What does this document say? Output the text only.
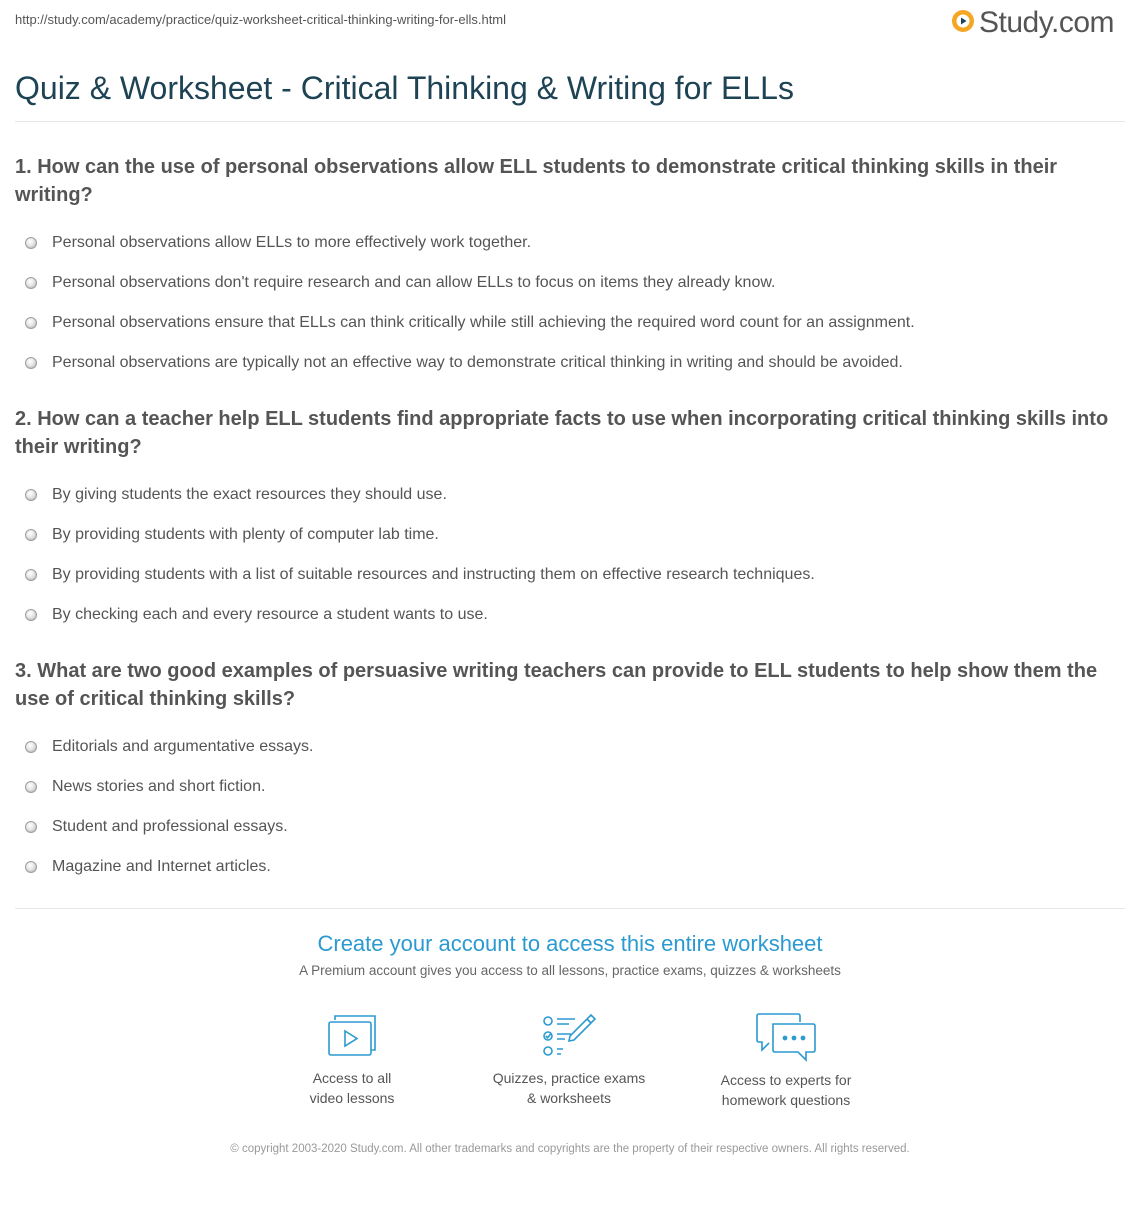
http://study.com/academy/practice/quiz-worksheet-critical-thinking-writing-for-ells.html	Study.com
Quiz & Worksheet - Critical Thinking & Writing for ELLs

1. How can the use of personal observations allow ELL students to demonstrate critical thinking skills in their writing?

Personal observations allow ELLs to more effectively work together.
Personal observations don't require research and can allow ELLs to focus on items they already know.
Personal observations ensure that ELLs can think critically while still achieving the required word count for an assignment.
Personal observations are typically not an effective way to demonstrate critical thinking in writing and should be avoided.

2. How can a teacher help ELL students find appropriate facts to use when incorporating critical thinking skills into their writing?

By giving students the exact resources they should use.
By providing students with plenty of computer lab time.
By providing students with a list of suitable resources and instructing them on effective research techniques.
By checking each and every resource a student wants to use.

3. What are two good examples of persuasive writing teachers can provide to ELL students to help show them the use of critical thinking skills?

Editorials and argumentative essays.
News stories and short fiction.
Student and professional essays.
Magazine and Internet articles.
Create your account to access this entire worksheet
A Premium account gives you access to all lessons, practice exams, quizzes & worksheets
Access to all
video lessons
Quizzes, practice exams
& worksheets
Access to experts for
homework questions
© copyright 2003-2020 Study.com. All other trademarks and copyrights are the property of their respective owners. All rights reserved.
